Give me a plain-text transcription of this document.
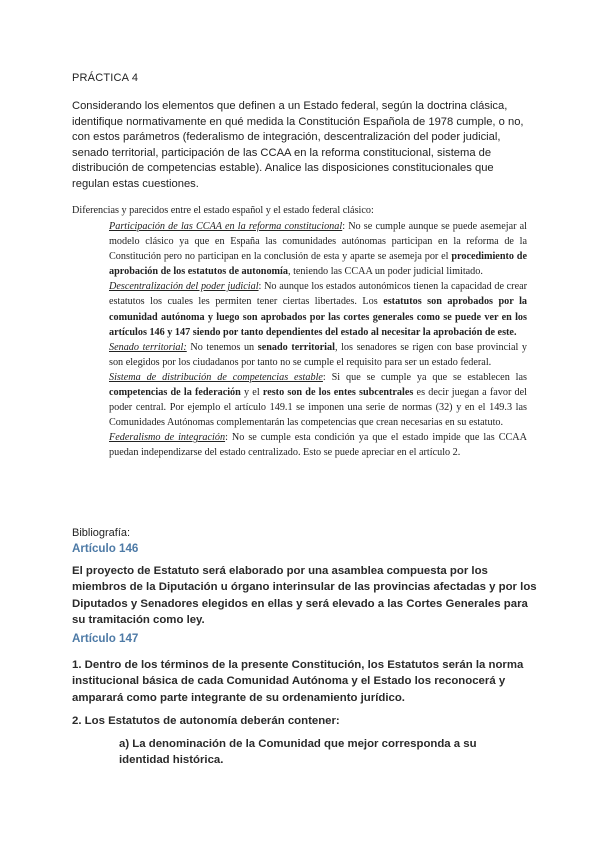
PRÁCTICA 4
Considerando los elementos que definen a un Estado federal, según la doctrina clásica, identifique normativamente en qué medida la Constitución Española de 1978 cumple, o no, con estos parámetros (federalismo de integración, descentralización del poder judicial, senado territorial, participación de las CCAA en la reforma constitucional, sistema de distribución de competencias estable). Analice las disposiciones constitucionales que regulan estas cuestiones.
Diferencias y parecidos entre el estado español y el estado federal clásico:

Participación de las CCAA en la reforma constitucional: No se cumple aunque se puede asemejar al modelo clásico ya que en España las comunidades autónomas participan en la reforma de la Constitución pero no participan en la conclusión de esta y aparte se asemeja por el procedimiento de aprobación de los estatutos de autonomía, teniendo las CCAA un poder judicial limitado.

Descentralización del poder judicial: No aunque los estados autonómicos tienen la capacidad de crear estatutos los cuales les permiten tener ciertas libertades. Los estatutos son aprobados por la comunidad autónoma y luego son aprobados por las cortes generales como se puede ver en los artículos 146 y 147 siendo por tanto dependientes del estado al necesitar la aprobación de este.

Senado territorial: No tenemos un senado territorial, los senadores se rigen con base provincial y son elegidos por los ciudadanos por tanto no se cumple el requisito para ser un estado federal.

Sistema de distribución de competencias estable: Si que se cumple ya que se establecen las competencias de la federación y el resto son de los entes subcentrales es decir juegan a favor del poder central. Por ejemplo el artículo 149.1 se imponen una serie de normas (32) y en el 149.3 las Comunidades Autónomas complementarán las competencias que crean necesarias en su estatuto.

Federalismo de integración: No se cumple esta condición ya que el estado impide que las CCAA puedan independizarse del estado centralizado. Esto se puede apreciar en el artículo 2.

Bibliografía:
Artículo 146
El proyecto de Estatuto será elaborado por una asamblea compuesta por los miembros de la Diputación u órgano interinsular de las provincias afectadas y por los Diputados y Senadores elegidos en ellas y será elevado a las Cortes Generales para su tramitación como ley.
Artículo 147
1. Dentro de los términos de la presente Constitución, los Estatutos serán la norma institucional básica de cada Comunidad Autónoma y el Estado los reconocerá y amparará como parte integrante de su ordenamiento jurídico.
2. Los Estatutos de autonomía deberán contener:
a) La denominación de la Comunidad que mejor corresponda a su identidad histórica.
